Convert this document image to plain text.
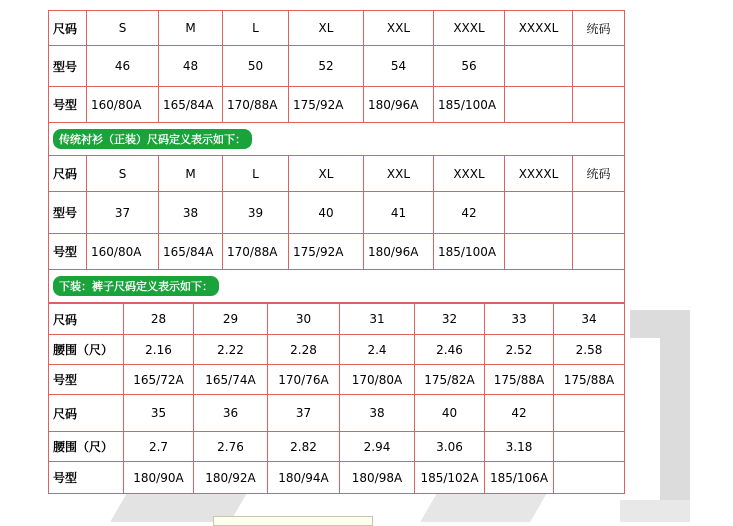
尺码	S	M	L	XL	XXL	XXXL	XXXXL	统码
型号	46	48	50	52	54	56		
号型	160/80A	165/84A	170/88A	175/92A	180/96A	185/100A		
传统衬衫（正装）尺码定义表示如下：								
尺码	S	M	L	XL	XXL	XXXL	XXXXL	统码
型号	37	38	39	40	41	42		
号型	160/80A	165/84A	170/88A	175/92A	180/96A	185/100A		
下装：裤子尺码定义表示如下：								
尺码	28	29	30	31	32	33	34
腰围（尺）	2.16	2.22	2.28	2.4	2.46	2.52	2.58
号型	165/72A	165/74A	170/76A	170/80A	175/82A	175/88A	175/88A
尺码	35	36	37	38	40	42	
腰围（尺）	2.7	2.76	2.82	2.94	3.06	3.18	
号型	180/90A	180/92A	180/94A	180/98A	185/102A	185/106A	
